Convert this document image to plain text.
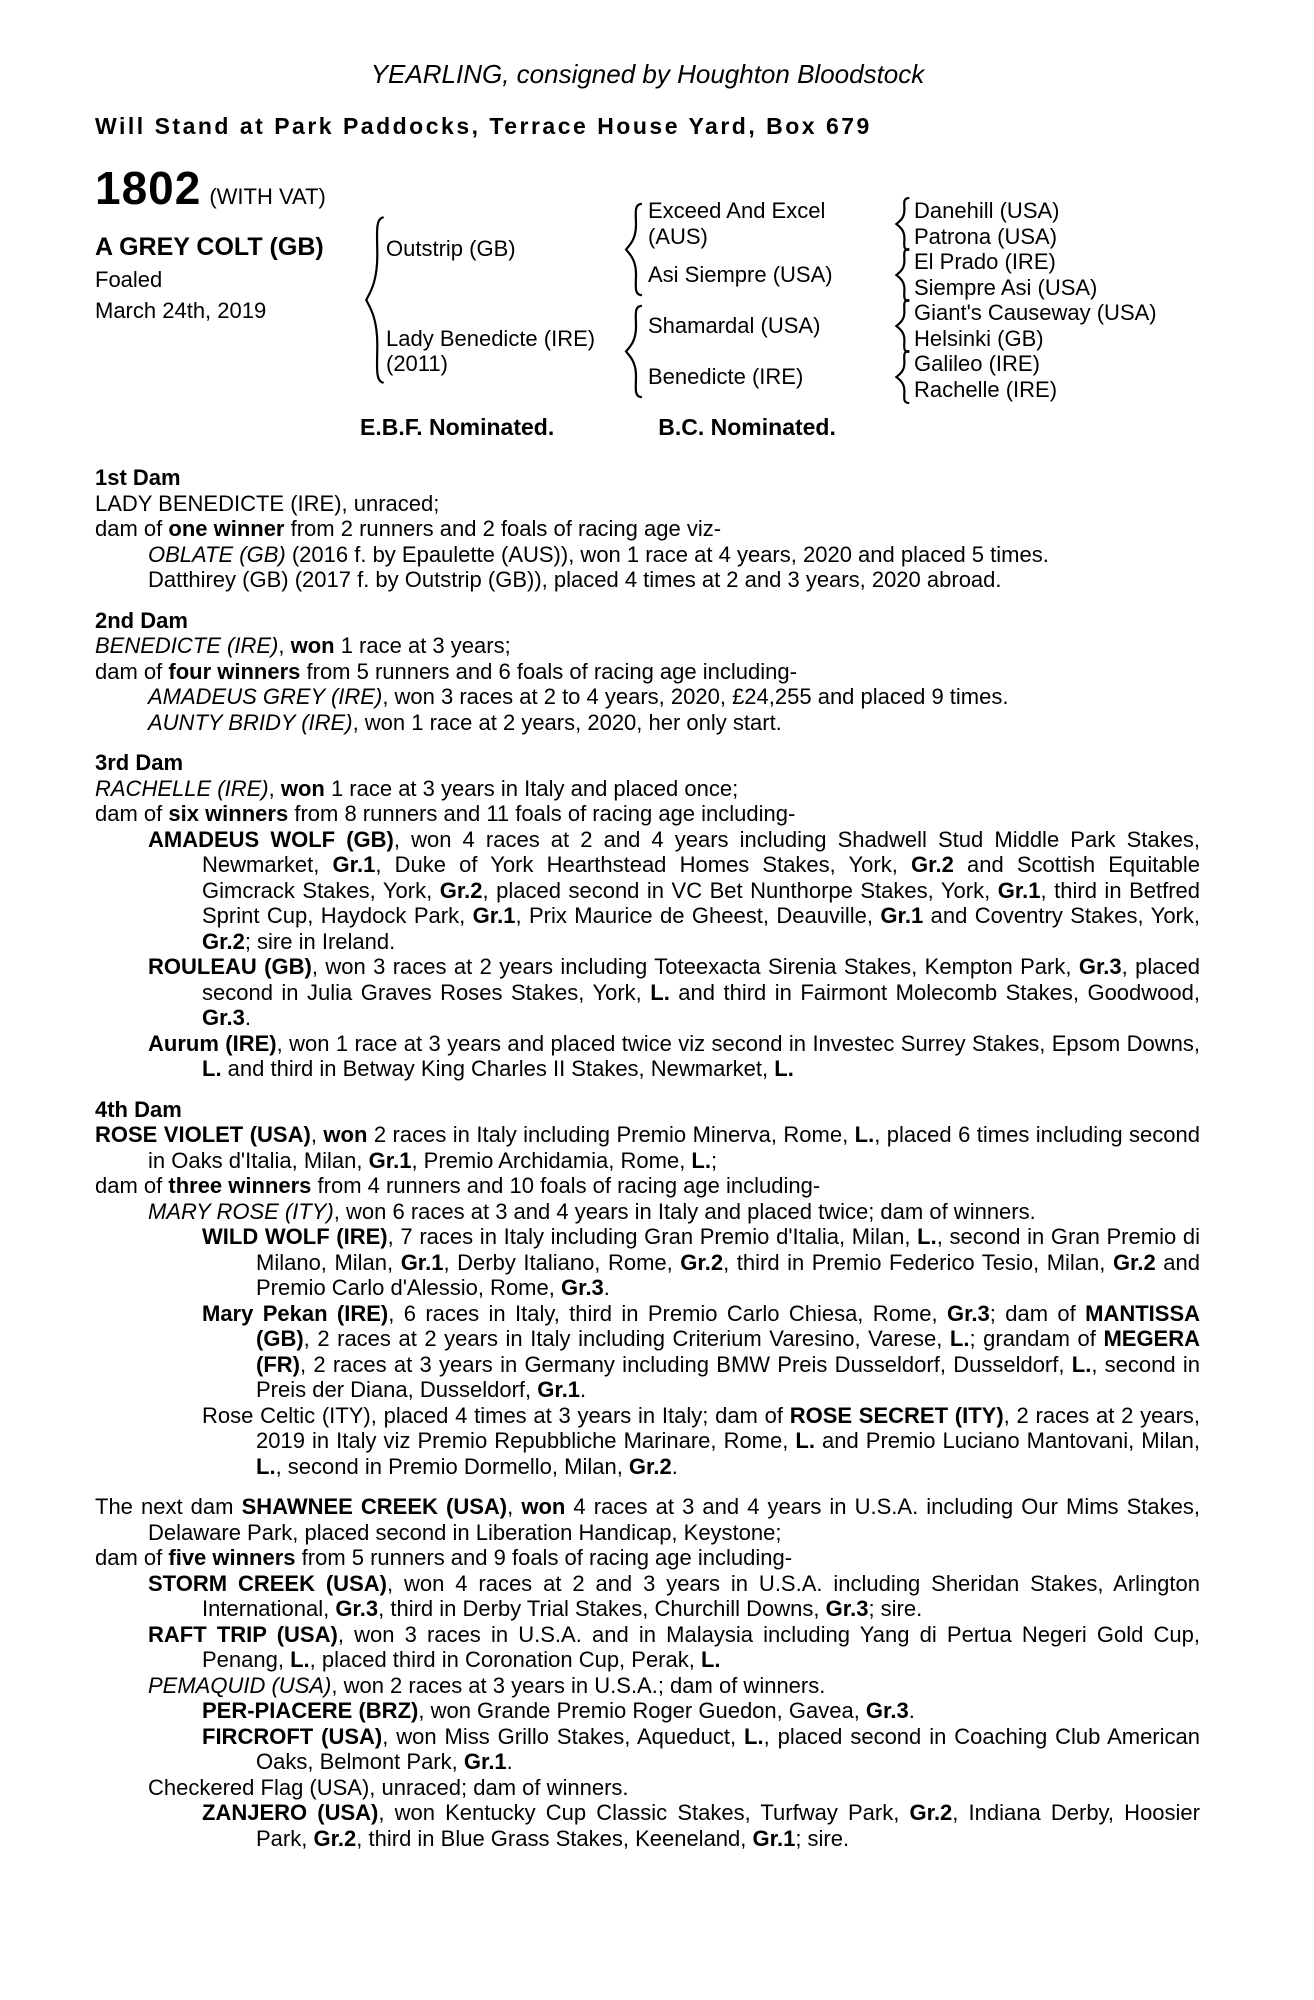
YEARLING, consigned by Houghton Bloodstock
Will Stand at Park Paddocks, Terrace House Yard, Box 679
1802 (WITH VAT)
A GREY COLT (GB)
Foaled
March 24th, 2019
Outstrip (GB)
Lady Benedicte (IRE)
(2011)
Exceed And Excel (AUS)
Asi Siempre (USA)
Shamardal (USA)
Benedicte (IRE)
Danehill (USA)
Patrona (USA)
El Prado (IRE)
Siempre Asi (USA)
Giant's Causeway (USA)
Helsinki (GB)
Galileo (IRE)
Rachelle (IRE)
E.B.F. Nominated.	B.C. Nominated.
1st Dam

LADY BENEDICTE (IRE), unraced;

dam of one winner from 2 runners and 2 foals of racing age viz-

OBLATE (GB) (2016 f. by Epaulette (AUS)), won 1 race at 4 years, 2020 and placed 5 times.

Datthirey (GB) (2017 f. by Outstrip (GB)), placed 4 times at 2 and 3 years, 2020 abroad.

2nd Dam

BENEDICTE (IRE), won 1 race at 3 years;

dam of four winners from 5 runners and 6 foals of racing age including-

AMADEUS GREY (IRE), won 3 races at 2 to 4 years, 2020, £24,255 and placed 9 times.

AUNTY BRIDY (IRE), won 1 race at 2 years, 2020, her only start.

3rd Dam

RACHELLE (IRE), won 1 race at 3 years in Italy and placed once;

dam of six winners from 8 runners and 11 foals of racing age including-

AMADEUS WOLF (GB), won 4 races at 2 and 4 years including Shadwell Stud Middle Park Stakes, Newmarket, Gr.1, Duke of York Hearthstead Homes Stakes, York, Gr.2 and Scottish Equitable Gimcrack Stakes, York, Gr.2, placed second in VC Bet Nunthorpe Stakes, York, Gr.1, third in Betfred Sprint Cup, Haydock Park, Gr.1, Prix Maurice de Gheest, Deauville, Gr.1 and Coventry Stakes, York, Gr.2; sire in Ireland.

ROULEAU (GB), won 3 races at 2 years including Toteexacta Sirenia Stakes, Kempton Park, Gr.3, placed second in Julia Graves Roses Stakes, York, L. and third in Fairmont Molecomb Stakes, Goodwood, Gr.3.

Aurum (IRE), won 1 race at 3 years and placed twice viz second in Investec Surrey Stakes, Epsom Downs, L. and third in Betway King Charles II Stakes, Newmarket, L.

4th Dam

ROSE VIOLET (USA), won 2 races in Italy including Premio Minerva, Rome, L., placed 6 times including second in Oaks d'Italia, Milan, Gr.1, Premio Archidamia, Rome, L.;

dam of three winners from 4 runners and 10 foals of racing age including-

MARY ROSE (ITY), won 6 races at 3 and 4 years in Italy and placed twice; dam of winners.

WILD WOLF (IRE), 7 races in Italy including Gran Premio d'Italia, Milan, L., second in Gran Premio di Milano, Milan, Gr.1, Derby Italiano, Rome, Gr.2, third in Premio Federico Tesio, Milan, Gr.2 and Premio Carlo d'Alessio, Rome, Gr.3.

Mary Pekan (IRE), 6 races in Italy, third in Premio Carlo Chiesa, Rome, Gr.3; dam of MANTISSA (GB), 2 races at 2 years in Italy including Criterium Varesino, Varese, L.; grandam of MEGERA (FR), 2 races at 3 years in Germany including BMW Preis Dusseldorf, Dusseldorf, L., second in Preis der Diana, Dusseldorf, Gr.1.

Rose Celtic (ITY), placed 4 times at 3 years in Italy; dam of ROSE SECRET (ITY), 2 races at 2 years, 2019 in Italy viz Premio Repubbliche Marinare, Rome, L. and Premio Luciano Mantovani, Milan, L., second in Premio Dormello, Milan, Gr.2.

The next dam SHAWNEE CREEK (USA), won 4 races at 3 and 4 years in U.S.A. including Our Mims Stakes, Delaware Park, placed second in Liberation Handicap, Keystone;

dam of five winners from 5 runners and 9 foals of racing age including-

STORM CREEK (USA), won 4 races at 2 and 3 years in U.S.A. including Sheridan Stakes, Arlington International, Gr.3, third in Derby Trial Stakes, Churchill Downs, Gr.3; sire.

RAFT TRIP (USA), won 3 races in U.S.A. and in Malaysia including Yang di Pertua Negeri Gold Cup, Penang, L., placed third in Coronation Cup, Perak, L.

PEMAQUID (USA), won 2 races at 3 years in U.S.A.; dam of winners.

PER-PIACERE (BRZ), won Grande Premio Roger Guedon, Gavea, Gr.3.

FIRCROFT (USA), won Miss Grillo Stakes, Aqueduct, L., placed second in Coaching Club American Oaks, Belmont Park, Gr.1.

Checkered Flag (USA), unraced; dam of winners.

ZANJERO (USA), won Kentucky Cup Classic Stakes, Turfway Park, Gr.2, Indiana Derby, Hoosier Park, Gr.2, third in Blue Grass Stakes, Keeneland, Gr.1; sire.
